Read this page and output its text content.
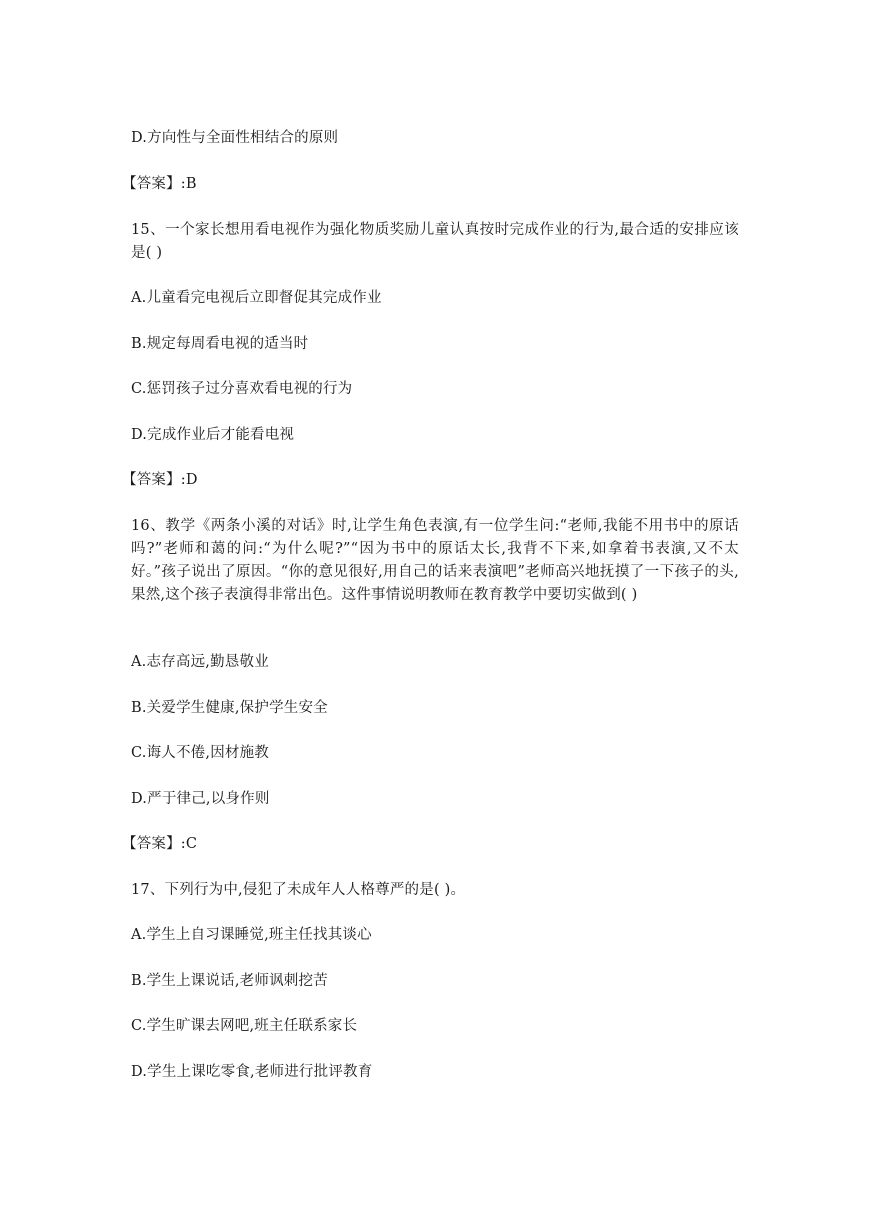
D.方向性与全面性相结合的原则
【答案】:B
15、一个家长想用看电视作为强化物质奖励儿童认真按时完成作业的行为,最合适的安排应该是( )
A.儿童看完电视后立即督促其完成作业
B.规定每周看电视的适当时
C.惩罚孩子过分喜欢看电视的行为
D.完成作业后才能看电视
【答案】:D
16、教学《两条小溪的对话》时,让学生角色表演,有一位学生问:“老师,我能不用书中的原话吗?”老师和蔼的问:“为什么呢?”“因为书中的原话太长,我背不下来,如拿着书表演,又不太好。”孩子说出了原因。“你的意见很好,用自己的话来表演吧”老师高兴地抚摸了一下孩子的头,果然,这个孩子表演得非常出色。这件事情说明教师在教育教学中要切实做到( )
A.志存高远,勤恳敬业
B.关爱学生健康,保护学生安全
C.诲人不倦,因材施教
D.严于律己,以身作则
【答案】:C
17、下列行为中,侵犯了未成年人人格尊严的是( )。
A.学生上自习课睡觉,班主任找其谈心
B.学生上课说话,老师讽刺挖苦
C.学生旷课去网吧,班主任联系家长
D.学生上课吃零食,老师进行批评教育
